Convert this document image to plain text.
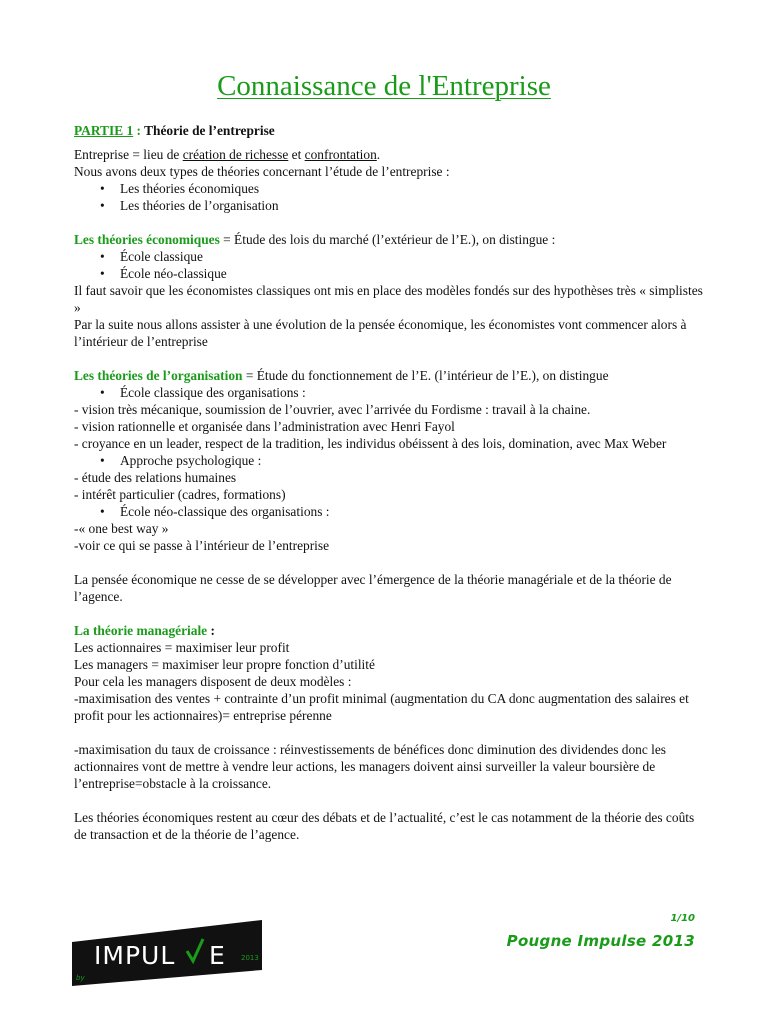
Connaissance de l'Entreprise

PARTIE 1 : Théorie de l’entreprise

Entreprise = lieu de création de richesse et confrontation.

Nous avons deux types de théories concernant l’étude de l’entreprise :

• Les théories économiques
• Les théories de l’organisation

Les théories économiques = Étude des lois du marché (l’extérieur de l’E.), on distingue :

• École classique
• École néo-classique

Il faut savoir que les économistes classiques ont mis en place des modèles fondés sur des hypothèses très « simplistes »

Par la suite nous allons assister à une évolution de la pensée économique, les économistes vont commencer alors à l’intérieur de l’entreprise

Les théories de l’organisation = Étude du fonctionnement de l’E. (l’intérieur de l’E.), on distingue

• École classique des organisations :

- vision très mécanique, soumission de l’ouvrier, avec l’arrivée du Fordisme : travail à la chaine.

- vision rationnelle et organisée dans l’administration avec Henri Fayol

- croyance en un leader, respect de la tradition, les individus obéissent à des lois, domination, avec Max Weber

• Approche psychologique :

- étude des relations humaines

- intérêt particulier (cadres, formations)

• École néo-classique des organisations :

-« one best way »

-voir ce qui se passe à l’intérieur de l’entreprise

La pensée économique ne cesse de se développer avec l’émergence de la théorie managériale et de la théorie de l’agence.

La théorie managériale :

Les actionnaires = maximiser leur profit

Les managers = maximiser leur propre fonction d’utilité

Pour cela les managers disposent de deux modèles :

-maximisation des ventes + contrainte d’un profit minimal (augmentation du CA donc augmentation des salaires et profit pour les actionnaires)= entreprise pérenne

-maximisation du taux de croissance : réinvestissements de bénéfices donc diminution des dividendes donc les actionnaires vont de mettre à vendre leur actions, les managers doivent ainsi surveiller la valeur boursière de l’entreprise=obstacle à la croissance.

Les théories économiques restent au cœur des débats et de l’actualité, c’est le cas notamment de la théorie des coûts de transaction et de la théorie de l’agence.

1/10
Pougne Impulse 2013
by
IMPUL E 2013
